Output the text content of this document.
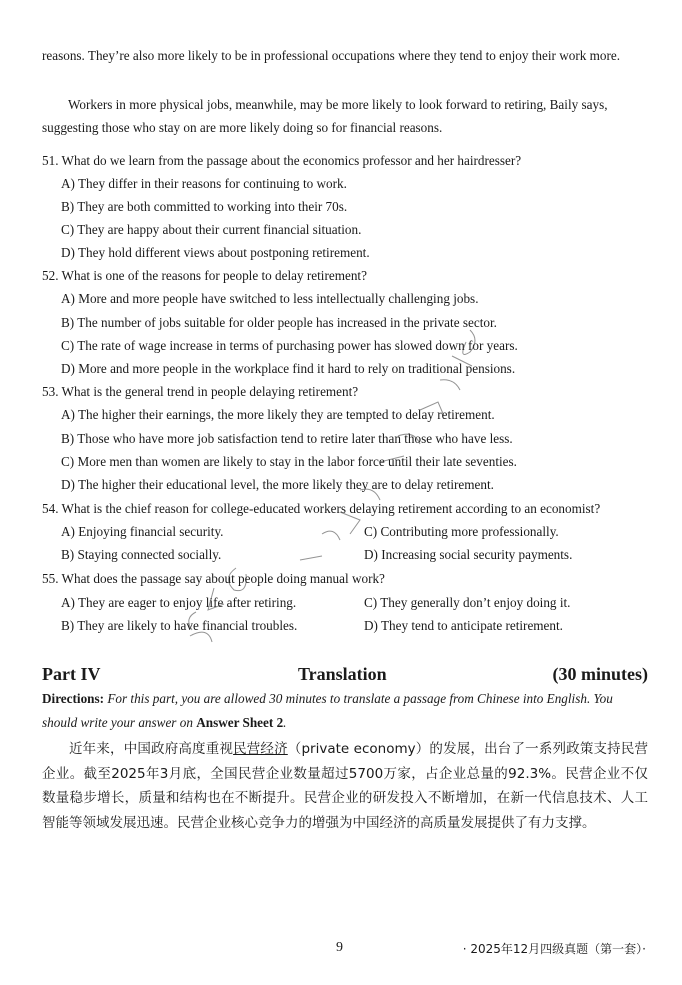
reasons. They’re also more likely to be in professional occupations where they tend to enjoy their work more.

Workers in more physical jobs, meanwhile, may be more likely to look forward to retiring, Baily says, suggesting those who stay on are more likely doing so for financial reasons.

51. What do we learn from the passage about the economics professor and her hairdresser?
A) They differ in their reasons for continuing to work.
B) They are both committed to working into their 70s.
C) They are happy about their current financial situation.
D) They hold different views about postponing retirement.
52. What is one of the reasons for people to delay retirement?
A) More and more people have switched to less intellectually challenging jobs.
B) The number of jobs suitable for older people has increased in the private sector.
C) The rate of wage increase in terms of purchasing power has slowed down for years.
D) More and more people in the workplace find it hard to rely on traditional pensions.
53. What is the general trend in people delaying retirement?
A) The higher their earnings, the more likely they are tempted to delay retirement.
B) Those who have more job satisfaction tend to retire later than those who have less.
C) More men than women are likely to stay in the labor force until their late seventies.
D) The higher their educational level, the more likely they are to delay retirement.
54. What is the chief reason for college-educated workers delaying retirement according to an economist?
A) Enjoying financial security.	C) Contributing more professionally.
B) Staying connected socially.	D) Increasing social security payments.
55. What does the passage say about people doing manual work?
A) They are eager to enjoy life after retiring.	C) They generally don’t enjoy doing it.
B) They are likely to have financial troubles.	D) They tend to anticipate retirement.
Part IV	Translation	(30 minutes)
Directions: For this part, you are allowed 30 minutes to translate a passage from Chinese into English. You should write your answer on Answer Sheet 2.

近年来，中国政府高度重视民营经济（private economy）的发展，出台了一系列政策支持民营企业。截至2025年3月底，全国民营企业数量超过5700万家，占企业总量的92.3%。民营企业不仅数量稳步增长，质量和结构也在不断提升。民营企业的研发投入不断增加，在新一代信息技术、人工智能等领域发展迅速。民营企业核心竞争力的增强为中国经济的高质量发展提供了有力支撑。

9	· 2025年12月四级真题（第一套）·
